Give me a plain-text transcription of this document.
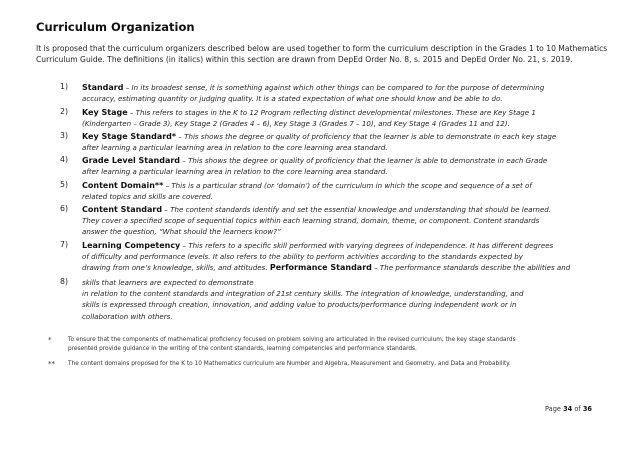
Curriculum Organization
It is proposed that the curriculum organizers described below are used together to form the curriculum description in the Grades 1 to 10 Mathematics Curriculum Guide. The definitions (in italics) within this section are drawn from DepEd Order No. 8, s. 2015 and DepEd Order No. 21, s. 2019.
1) Standard – In its broadest sense, it is something against which other things can be compared to for the purpose of determining
accuracy, estimating quantity or judging quality. It is a stated expectation of what one should know and be able to do.
2) Key Stage – This refers to stages in the K to 12 Program reflecting distinct developmental milestones. These are Key Stage 1
(Kindergarten – Grade 3), Key Stage 2 (Grades 4 – 6), Key Stage 3 (Grades 7 – 10), and Key Stage 4 (Grades 11 and 12).
3) Key Stage Standard* – This shows the degree or quality of proficiency that the learner is able to demonstrate in each key stage
after learning a particular learning area in relation to the core learning area standard.
4) Grade Level Standard – This shows the degree or quality of proficiency that the learner is able to demonstrate in each Grade
after learning a particular learning area in relation to the core learning area standard.
5) Content Domain** – This is a particular strand (or ‘domain’) of the curriculum in which the scope and sequence of a set of
related topics and skills are covered.
6) Content Standard – The content standards identify and set the essential knowledge and understanding that should be learned.
They cover a specified scope of sequential topics within each learning strand, domain, theme, or component. Content standards
answer the question, “What should the learners know?”
7) Learning Competency – This refers to a specific skill performed with varying degrees of independence. It has different degrees
of difficulty and performance levels. It also refers to the ability to perform activities according to the standards expected by
drawing from one’s knowledge, skills, and attitudes. Performance Standard – The performance standards describe the abilities and
8) skills that learners are expected to demonstrate
in relation to the content standards and integration of 21st century skills. The integration of knowledge, understanding, and
skills is expressed through creation, innovation, and adding value to products/performance during independent work or in
collaboration with others.
*	To ensure that the components of mathematical proficiency focused on problem solving are articulated in the revised curriculum, the key stage standards
presented provide guidance in the writing of the content standards, learning competencies and performance standards.
** The content domains proposed for the K to 10 Mathematics curriculum are Number and Algebra, Measurement and Geometry, and Data and Probability.
Page 34 of 36
